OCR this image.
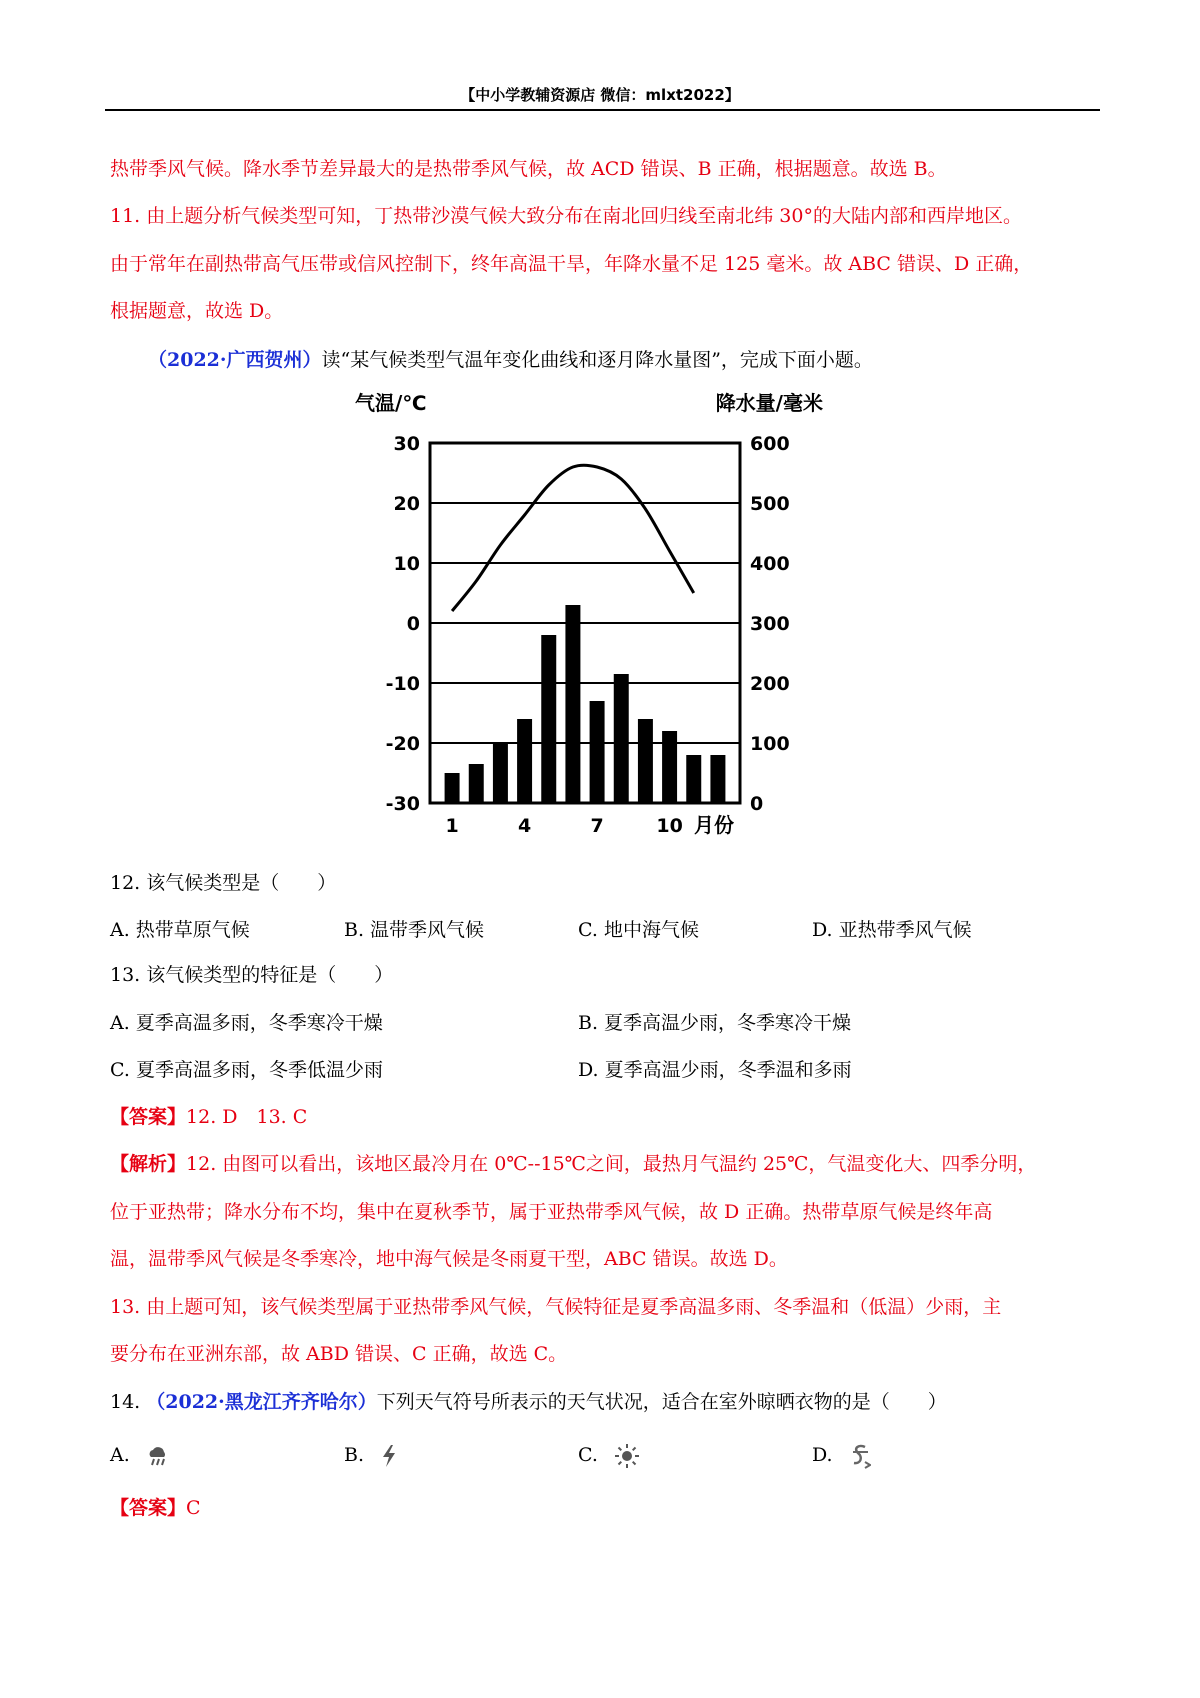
【中小学教辅资源店 微信：mlxt2022】
热带季风气候。降水季节差异最大的是热带季风气候，故 ACD 错误、B 正确，根据题意。故选 B。
11. 由上题分析气候类型可知，丁热带沙漠气候大致分布在南北回归线至南北纬 30°的大陆内部和西岸地区。
由于常年在副热带高气压带或信风控制下，终年高温干旱，年降水量不足 125 毫米。故 ABC 错误、D 正确，
根据题意，故选 D。
（2022·广西贺州）读“某气候类型气温年变化曲线和逐月降水量图”，完成下面小题。
气温/℃	降水量/毫米
30
20
10
0
-10
-20
-30
600
500
400
300
200
100
0
1	4	7	10 月份
12. 该气候类型是（　　）
A. 热带草原气候	B. 温带季风气候	C. 地中海气候	D. 亚热带季风气候
13. 该气候类型的特征是（　　）
A. 夏季高温多雨，冬季寒冷干燥	B. 夏季高温少雨，冬季寒冷干燥
C. 夏季高温多雨，冬季低温少雨	D. 夏季高温少雨，冬季温和多雨
【答案】12. D　13. C
【解析】12. 由图可以看出，该地区最冷月在 0℃--15℃之间，最热月气温约 25℃，气温变化大、四季分明，
位于亚热带；降水分布不均，集中在夏秋季节，属于亚热带季风气候，故 D 正确。热带草原气候是终年高
温，温带季风气候是冬季寒冷，地中海气候是冬雨夏干型，ABC 错误。故选 D。
13. 由上题可知，该气候类型属于亚热带季风气候，气候特征是夏季高温多雨、冬季温和（低温）少雨，主
要分布在亚洲东部，故 ABD 错误、C 正确，故选 C。
14. （2022·黑龙江齐齐哈尔）下列天气符号所表示的天气状况，适合在室外晾晒衣物的是（　　）
A.	B.	C.	D.
【答案】C
